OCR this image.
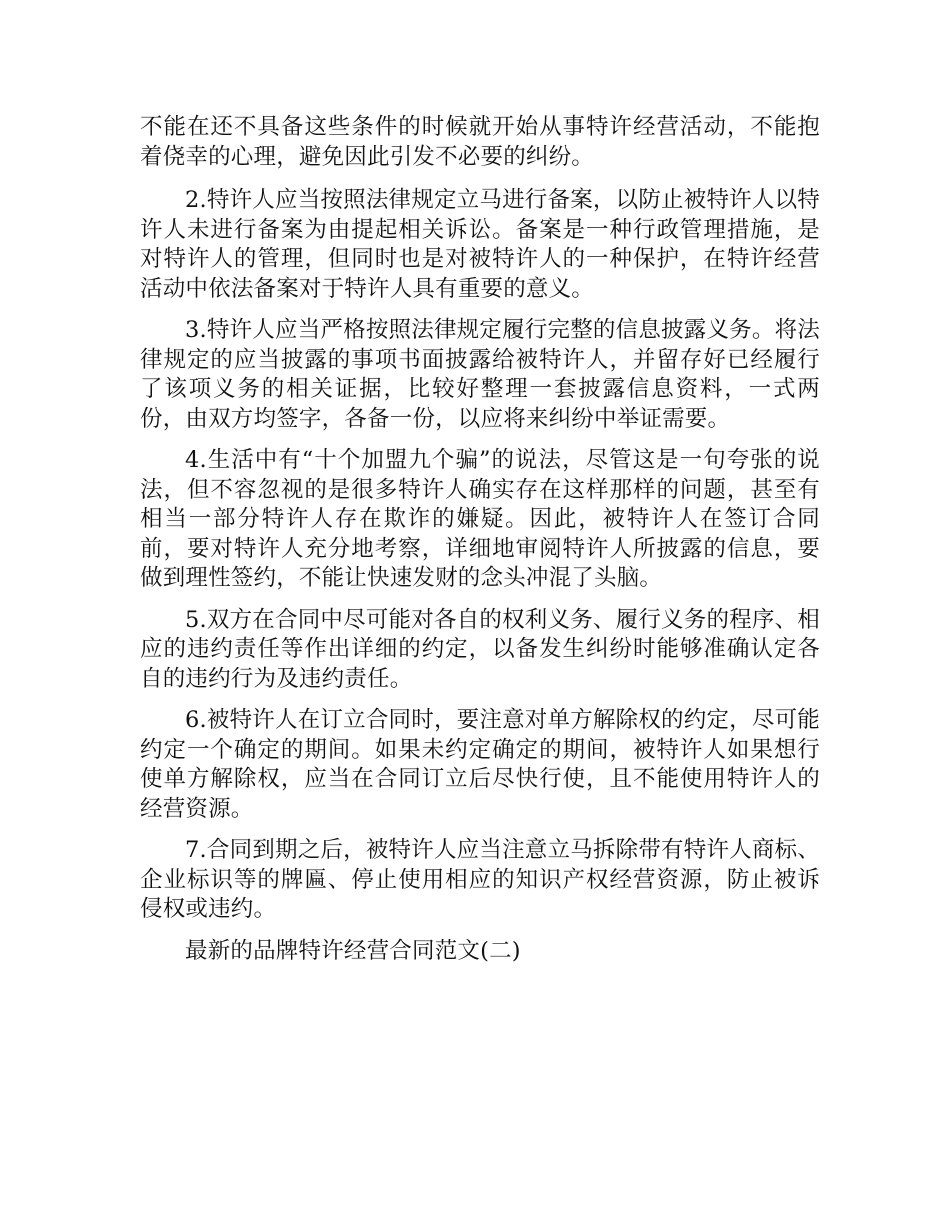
不能在还不具备这些条件的时候就开始从事特许经营活动，不能抱着侥幸的心理，避免因此引发不必要的纠纷。

2.特许人应当按照法律规定立马进行备案，以防止被特许人以特许人未进行备案为由提起相关诉讼。备案是一种行政管理措施，是对特许人的管理，但同时也是对被特许人的一种保护，在特许经营活动中依法备案对于特许人具有重要的意义。

3.特许人应当严格按照法律规定履行完整的信息披露义务。将法律规定的应当披露的事项书面披露给被特许人，并留存好已经履行了该项义务的相关证据，比较好整理一套披露信息资料，一式两份，由双方均签字，各备一份，以应将来纠纷中举证需要。

4.生活中有“十个加盟九个骗”的说法，尽管这是一句夸张的说法，但不容忽视的是很多特许人确实存在这样那样的问题，甚至有相当一部分特许人存在欺诈的嫌疑。因此，被特许人在签订合同前，要对特许人充分地考察，详细地审阅特许人所披露的信息，要做到理性签约，不能让快速发财的念头冲混了头脑。

5.双方在合同中尽可能对各自的权利义务、履行义务的程序、相应的违约责任等作出详细的约定，以备发生纠纷时能够准确认定各自的违约行为及违约责任。

6.被特许人在订立合同时，要注意对单方解除权的约定，尽可能约定一个确定的期间。如果未约定确定的期间，被特许人如果想行使单方解除权，应当在合同订立后尽快行使，且不能使用特许人的经营资源。

7.合同到期之后，被特许人应当注意立马拆除带有特许人商标、企业标识等的牌匾、停止使用相应的知识产权经营资源，防止被诉侵权或违约。

最新的品牌特许经营合同范文(二)
